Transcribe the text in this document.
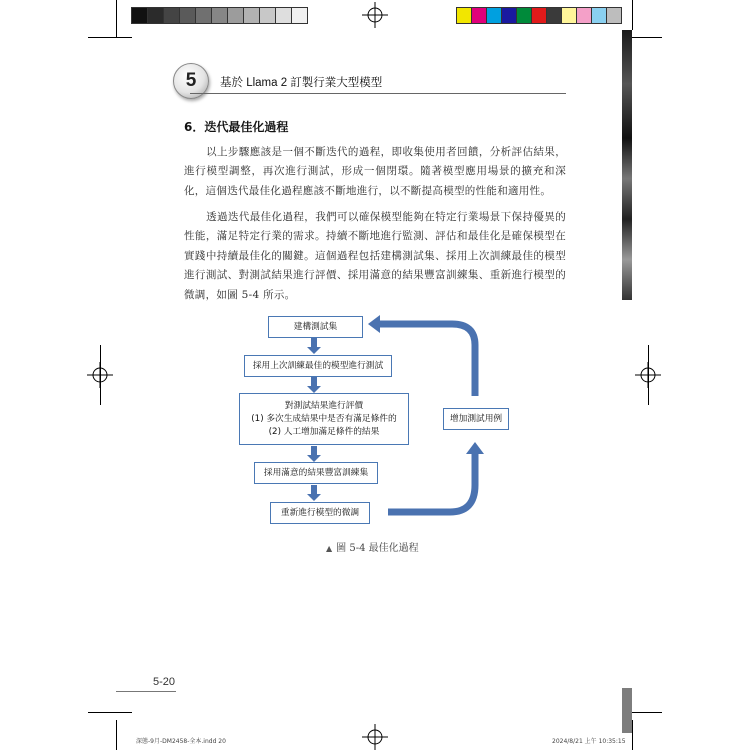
5 基於 Llama 2 訂製行業大型模型
6．迭代最佳化過程
以上步驟應該是一個不斷迭代的過程，即收集使用者回饋，分析評估結果，進行模型調整，再次進行測試，形成一個閉環。隨著模型應用場景的擴充和深化，這個迭代最佳化過程應該不斷地進行，以不斷提高模型的性能和適用性。
透過迭代最佳化過程，我們可以確保模型能夠在特定行業場景下保持優異的性能，滿足特定行業的需求。持續不斷地進行監測、評估和最佳化是確保模型在實踐中持續最佳化的關鍵。這個過程包括建構測試集、採用上次訓練最佳的模型進行測試、對測試結果進行評價、採用滿意的結果豐富訓練集、重新進行模型的微調，如圖 5-4 所示。
建構測試集
採用上次訓練最佳的模型進行測試
對測試結果進行評價
(1) 多次生成結果中是否有滿足條件的
(2) 人工增加滿足條件的結果
採用滿意的結果豐富訓練集
重新進行模型的微調
增加測試用例
▲ 圖 5-4 最佳化過程
5-20
深態-9月-DM2458-全本.indd 20	2024/8/21 上午 10:35:15
